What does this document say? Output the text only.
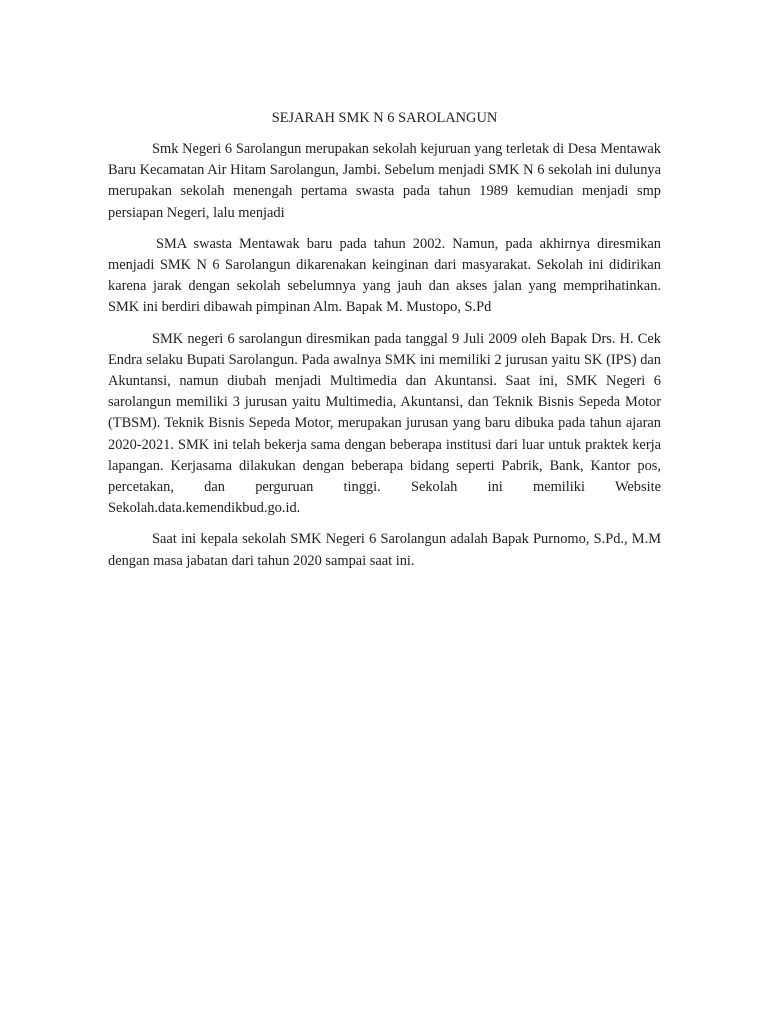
SEJARAH SMK N 6 SAROLANGUN

Smk Negeri 6 Sarolangun merupakan sekolah kejuruan yang terletak di Desa Mentawak Baru Kecamatan Air Hitam Sarolangun, Jambi. Sebelum menjadi SMK N 6 sekolah ini dulunya merupakan sekolah menengah pertama swasta pada tahun 1989 kemudian menjadi smp persiapan Negeri, lalu menjadi

SMA swasta Mentawak baru pada tahun 2002. Namun, pada akhirnya diresmikan menjadi SMK N 6 Sarolangun dikarenakan keinginan dari masyarakat. Sekolah ini didirikan karena jarak dengan sekolah sebelumnya yang jauh dan akses jalan yang memprihatinkan. SMK ini berdiri dibawah pimpinan Alm. Bapak M. Mustopo, S.Pd

SMK negeri 6 sarolangun diresmikan pada tanggal 9 Juli 2009 oleh Bapak Drs. H. Cek Endra selaku Bupati Sarolangun. Pada awalnya SMK ini memiliki 2 jurusan yaitu SK (IPS) dan Akuntansi, namun diubah menjadi Multimedia dan Akuntansi. Saat ini, SMK Negeri 6 sarolangun memiliki 3 jurusan yaitu Multimedia, Akuntansi, dan Teknik Bisnis Sepeda Motor (TBSM). Teknik Bisnis Sepeda Motor, merupakan jurusan yang baru dibuka pada tahun ajaran 2020-2021. SMK ini telah bekerja sama dengan beberapa institusi dari luar untuk praktek kerja lapangan. Kerjasama dilakukan dengan beberapa bidang seperti Pabrik, Bank, Kantor pos, percetakan, dan perguruan tinggi. Sekolah ini memiliki Website Sekolah.data.kemendikbud.go.id.

Saat ini kepala sekolah SMK Negeri 6 Sarolangun adalah Bapak Purnomo, S.Pd., M.M dengan masa jabatan dari tahun 2020 sampai saat ini.
